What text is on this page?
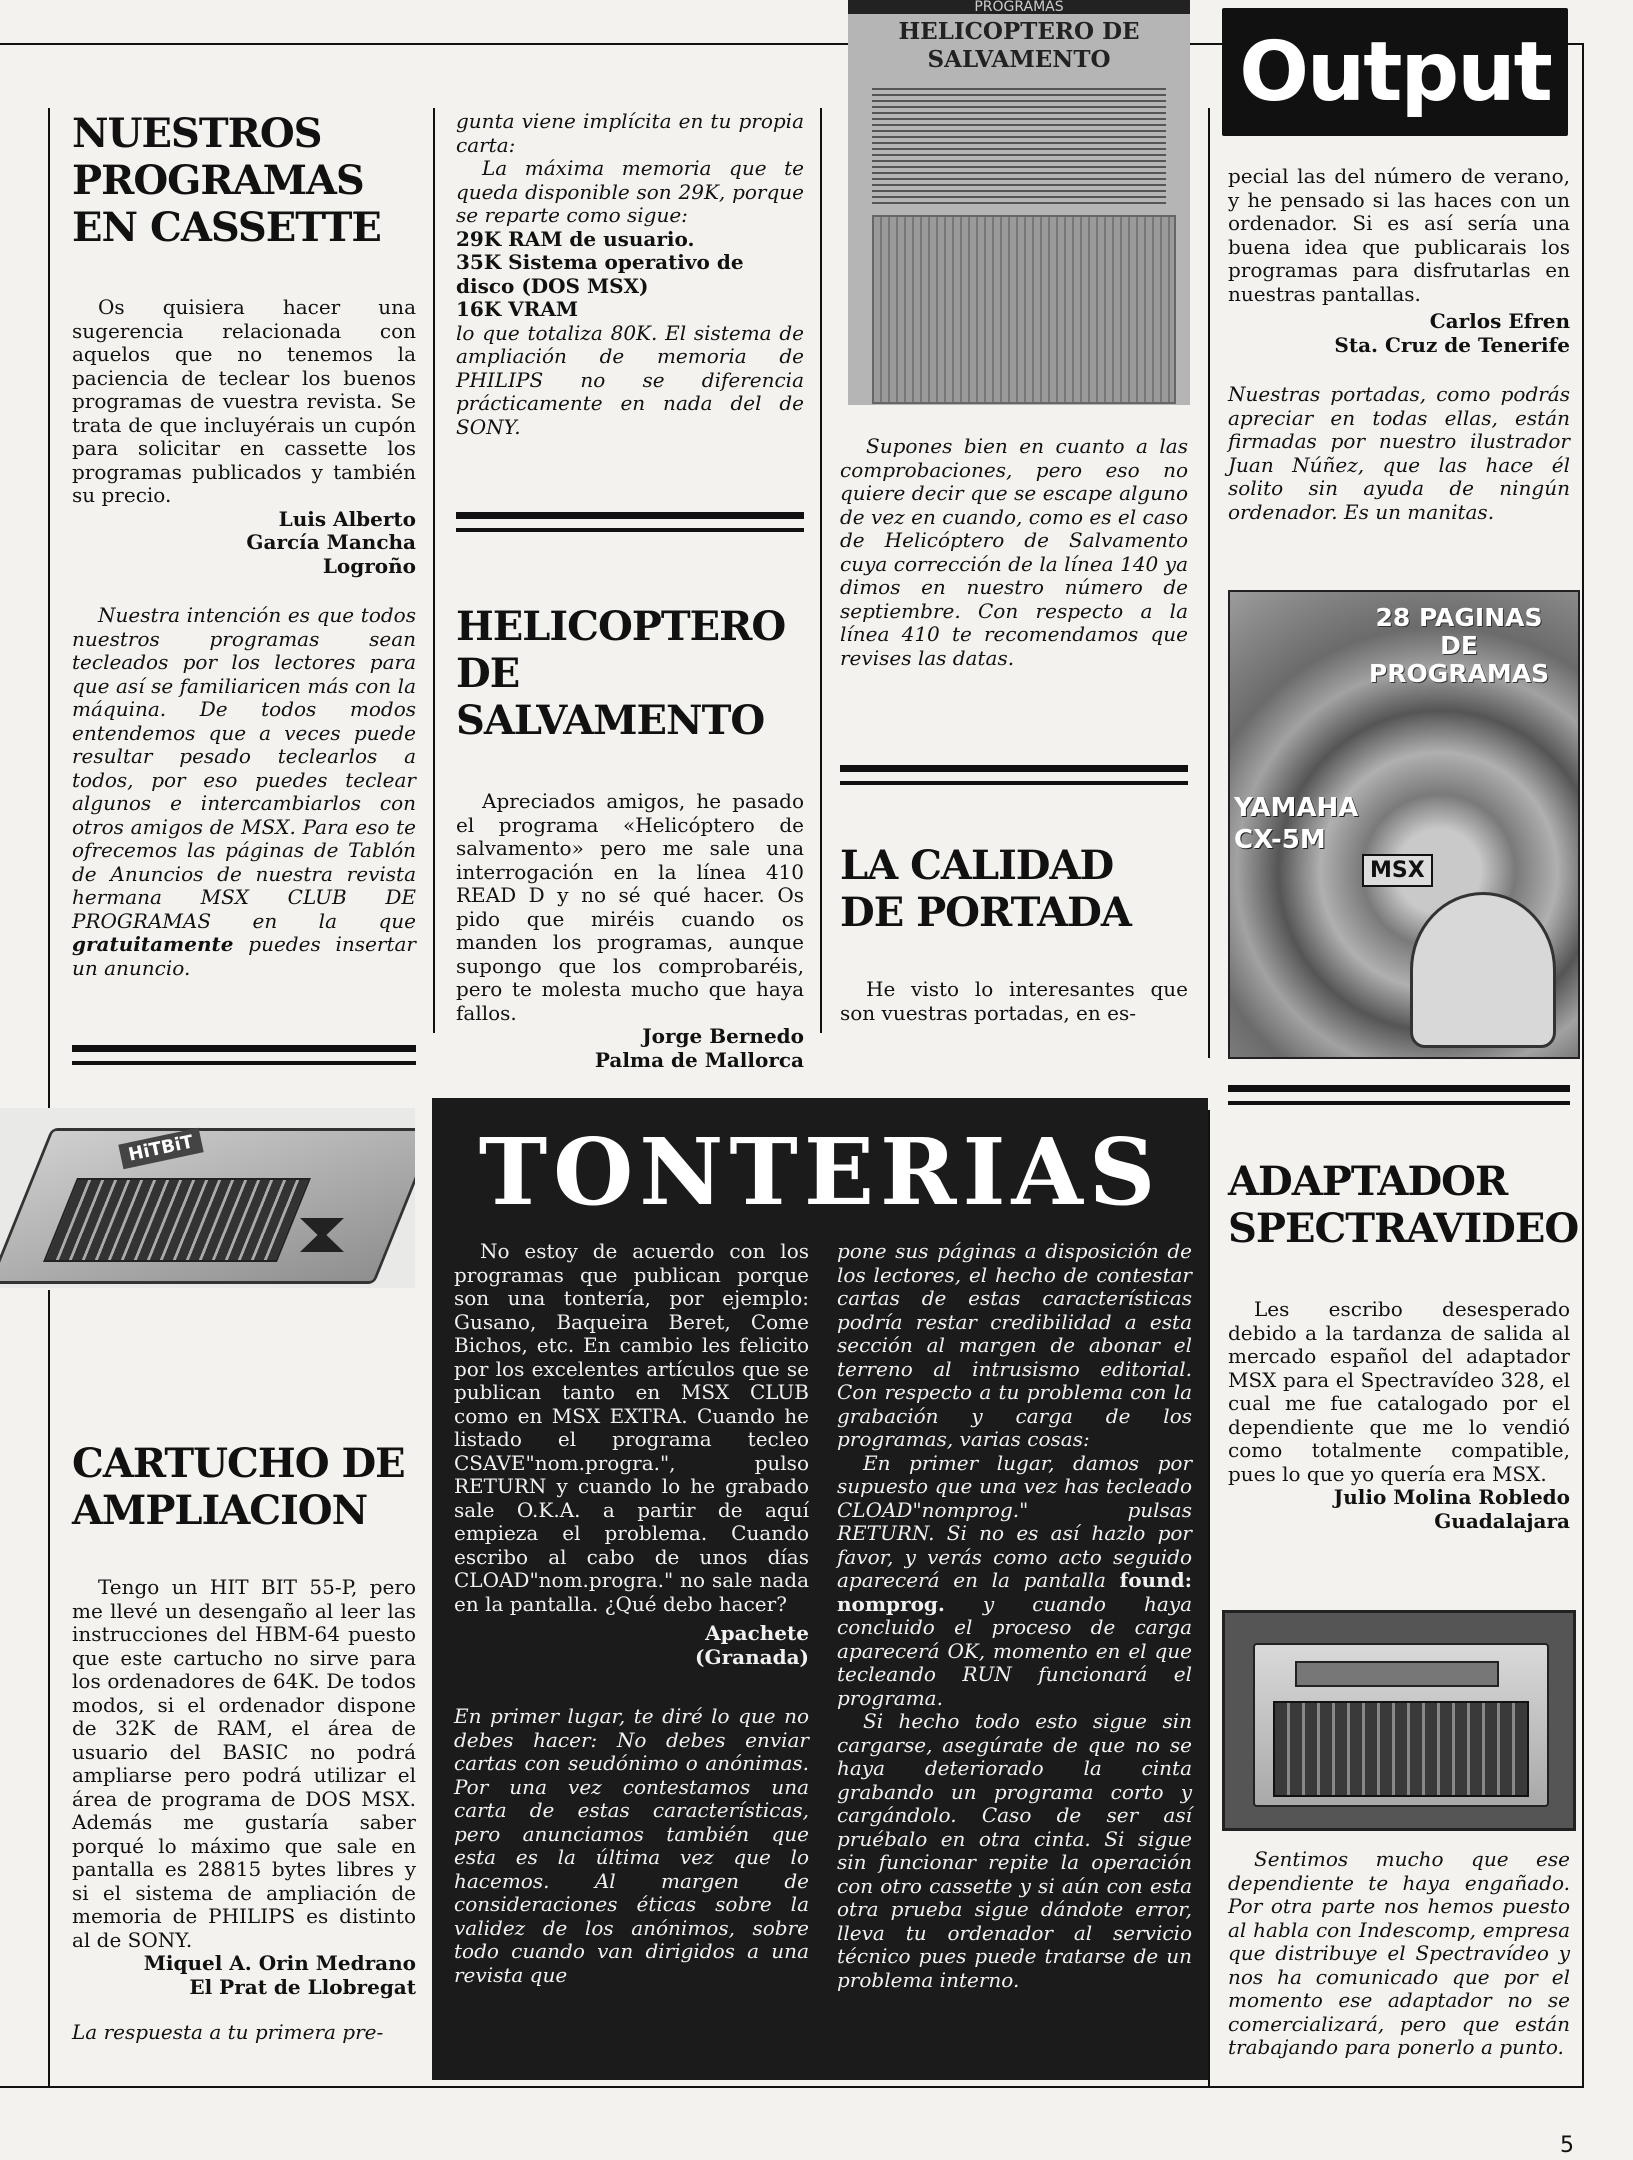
Output
PROGRAMAS
HELICOPTERO DE
SALVAMENTO

NUESTROS

PROGRAMAS

EN CASSETTE

Os quisiera hacer una sugerencia relacionada con aquelos que no tenemos la paciencia de teclear los buenos programas de vuestra revista. Se trata de que incluyérais un cupón para solicitar en cassette los programas publicados y también su precio.

Luis Alberto

García Mancha

Logroño

Nuestra intención es que todos nuestros programas sean tecleados por los lectores para que así se familiaricen más con la máquina. De todos modos entendemos que a veces puede resultar pesado teclearlos a todos, por eso puedes teclear algunos e intercambiarlos con otros amigos de MSX. Para eso te ofrecemos las páginas de Tablón de Anuncios de nuestra revista hermana MSX CLUB DE PROGRAMAS en la que gratuitamente puedes insertar un anuncio.

gunta viene implícita en tu propia carta:

La máxima memoria que te queda disponible son 29K, porque se reparte como sigue:

29K RAM de usuario.

35K Sistema operativo de disco (DOS MSX)

16K VRAM

lo que totaliza 80K. El sistema de ampliación de memoria de PHILIPS no se diferencia prácticamente en nada del de SONY.

HELICOPTERO

DE SALVAMENTO

Apreciados amigos, he pasado el programa «Helicóptero de salvamento» pero me sale una interrogación en la línea 410 READ D y no sé qué hacer. Os pido que miréis cuando os manden los programas, aunque supongo que los comprobaréis, pero te molesta mucho que haya fallos.

Jorge Bernedo

Palma de Mallorca

Supones bien en cuanto a las comprobaciones, pero eso no quiere decir que se escape alguno de vez en cuando, como es el caso de Helicóptero de Salvamento cuya corrección de la línea 140 ya dimos en nuestro número de septiembre. Con respecto a la línea 410 te recomendamos que revises las datas.

LA CALIDAD

DE PORTADA

He visto lo interesantes que son vuestras portadas, en es-

pecial las del número de verano, y he pensado si las haces con un ordenador. Si es así sería una buena idea que publicarais los programas para disfrutarlas en nuestras pantallas.

Carlos Efren

Sta. Cruz de Tenerife

Nuestras portadas, como podrás apreciar en todas ellas, están firmadas por nuestro ilustrador Juan Núñez, que las hace él solito sin ayuda de ningún ordenador. Es un manitas.

28 PAGINAS
DE PROGRAMAS
YAMAHA
CX-5M
MSX
HiTBiT

CARTUCHO DE

AMPLIACION

Tengo un HIT BIT 55-P, pero me llevé un desengaño al leer las instrucciones del HBM-64 puesto que este cartucho no sirve para los ordenadores de 64K. De todos modos, si el ordenador dispone de 32K de RAM, el área de usuario del BASIC no podrá ampliarse pero podrá utilizar el área de programa de DOS MSX. Además me gustaría saber porqué lo máximo que sale en pantalla es 28815 bytes libres y si el sistema de ampliación de memoria de PHILIPS es distinto al de SONY.

Miquel A. Orin Medrano

El Prat de Llobregat

La respuesta a tu primera pre-

TONTERIAS

No estoy de acuerdo con los programas que publican porque son una tontería, por ejemplo: Gusano, Baqueira Beret, Come Bichos, etc. En cambio les felicito por los excelentes artículos que se publican tanto en MSX CLUB como en MSX EXTRA. Cuando he listado el programa tecleo CSAVE"nom.progra.", pulso RETURN y cuando lo he grabado sale O.K.A. a partir de aquí empieza el problema. Cuando escribo al cabo de unos días CLOAD"nom.progra." no sale nada en la pantalla. ¿Qué debo hacer?

Apachete

(Granada)

En primer lugar, te diré lo que no debes hacer: No debes enviar cartas con seudónimo o anónimas. Por una vez contestamos una carta de estas características, pero anunciamos también que esta es la última vez que lo hacemos. Al margen de consideraciones éticas sobre la validez de los anónimos, sobre todo cuando van dirigidos a una revista que

pone sus páginas a disposición de los lectores, el hecho de contestar cartas de estas características podría restar credibilidad a esta sección al margen de abonar el terreno al intrusismo editorial. Con respecto a tu problema con la grabación y carga de los programas, varias cosas:

En primer lugar, damos por supuesto que una vez has tecleado CLOAD"nomprog." pulsas RETURN. Si no es así hazlo por favor, y verás como acto seguido aparecerá en la pantalla found: nomprog. y cuando haya concluido el proceso de carga aparecerá OK, momento en el que tecleando RUN funcionará el programa.

Si hecho todo esto sigue sin cargarse, asegúrate de que no se haya deteriorado la cinta grabando un programa corto y cargándolo. Caso de ser así pruébalo en otra cinta. Si sigue sin funcionar repite la operación con otro cassette y si aún con esta otra prueba sigue dándote error, lleva tu ordenador al servicio técnico pues puede tratarse de un problema interno.

ADAPTADOR

SPECTRAVIDEO

Les escribo desesperado debido a la tardanza de salida al mercado español del adaptador MSX para el Spectravídeo 328, el cual me fue catalogado por el dependiente que me lo vendió como totalmente compatible, pues lo que yo quería era MSX.

Julio Molina Robledo

Guadalajara

Sentimos mucho que ese dependiente te haya engañado. Por otra parte nos hemos puesto al habla con Indescomp, empresa que distribuye el Spectravídeo y nos ha comunicado que por el momento ese adaptador no se comercializará, pero que están trabajando para ponerlo a punto.

5
